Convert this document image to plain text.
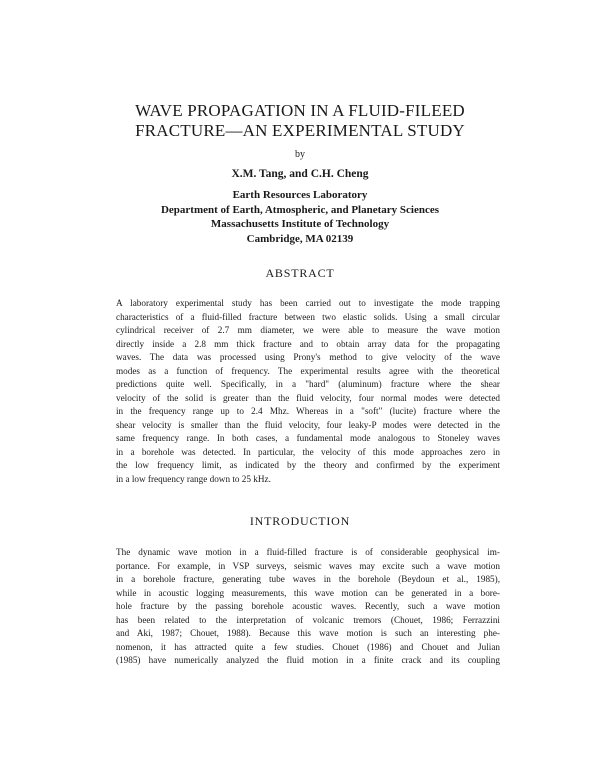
WAVE PROPAGATION IN A FLUID-FILEED
FRACTURE—AN EXPERIMENTAL STUDY
by
X.M. Tang, and C.H. Cheng
Earth Resources Laboratory
Department of Earth, Atmospheric, and Planetary Sciences
Massachusetts Institute of Technology
Cambridge, MA 02139
ABSTRACT
A laboratory experimental study has been carried out to investigate the mode trapping
characteristics of a fluid-filled fracture between two elastic solids. Using a small circular
cylindrical receiver of 2.7 mm diameter, we were able to measure the wave motion
directly inside a 2.8 mm thick fracture and to obtain array data for the propagating
waves. The data was processed using Prony's method to give velocity of the wave
modes as a function of frequency. The experimental results agree with the theoretical
predictions quite well. Specifically, in a "hard" (aluminum) fracture where the shear
velocity of the solid is greater than the fluid velocity, four normal modes were detected
in the frequency range up to 2.4 Mhz. Whereas in a "soft" (lucite) fracture where the
shear velocity is smaller than the fluid velocity, four leaky-P modes were detected in the
same frequency range. In both cases, a fundamental mode analogous to Stoneley waves
in a borehole was detected. In particular, the velocity of this mode approaches zero in
the low frequency limit, as indicated by the theory and confirmed by the experiment
in a low frequency range down to 25 kHz.
INTRODUCTION
The dynamic wave motion in a fluid-filled fracture is of considerable geophysical im-
portance. For example, in VSP surveys, seismic waves may excite such a wave motion
in a borehole fracture, generating tube waves in the borehole (Beydoun et al., 1985),
while in acoustic logging measurements, this wave motion can be generated in a bore-
hole fracture by the passing borehole acoustic waves. Recently, such a wave motion
has been related to the interpretation of volcanic tremors (Chouet, 1986; Ferrazzini
and Aki, 1987; Chouet, 1988). Because this wave motion is such an interesting phe-
nomenon, it has attracted quite a few studies. Chouet (1986) and Chouet and Julian
(1985) have numerically analyzed the fluid motion in a finite crack and its coupling
